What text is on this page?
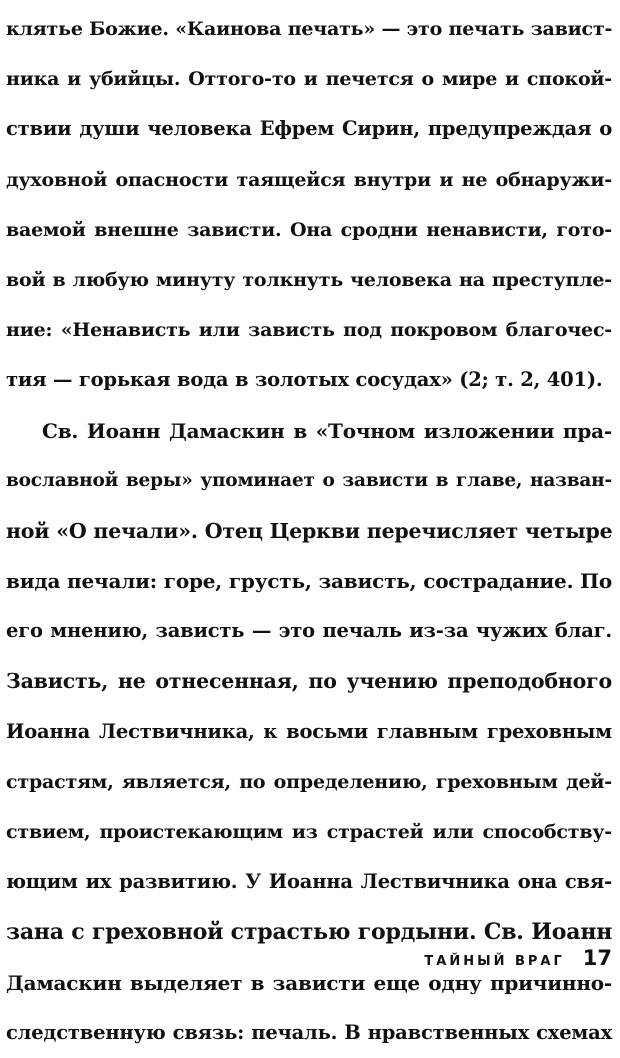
клятье Божие. «Каинова печать» — это печать завист-
ника и убийцы. Оттого-то и печется о мире и спокой-
ствии души человека Ефрем Сирин, предупреждая о
духовной опасности таящейся внутри и не обнаружи-
ваемой внешне зависти. Она сродни ненависти, гото-
вой в любую минуту толкнуть человека на преступле-
ние: «Ненависть или зависть под покровом благочес-
тия — горькая вода в золотых сосудах» (2; т. 2, 401).
Св. Иоанн Дамаскин в «Точном изложении пра-
вославной веры» упоминает о зависти в главе, назван-
ной «О печали». Отец Церкви перечисляет четыре
вида печали: горе, грусть, зависть, сострадание. По
его мнению, зависть — это печаль из-за чужих благ.
Зависть, не отнесенная, по учению преподобного
Иоанна Лествичника, к восьми главным греховным
страстям, является, по определению, греховным дей-
ствием, проистекающим из страстей или способству-
ющим их развитию. У Иоанна Лествичника она свя-
зана с греховной страстью гордыни. Св. Иоанн
Дамаскин выделяет в зависти еще одну причинно-
следственную связь: печаль. В нравственных схемах
ТАЙНЫЙ ВРАГ 17
